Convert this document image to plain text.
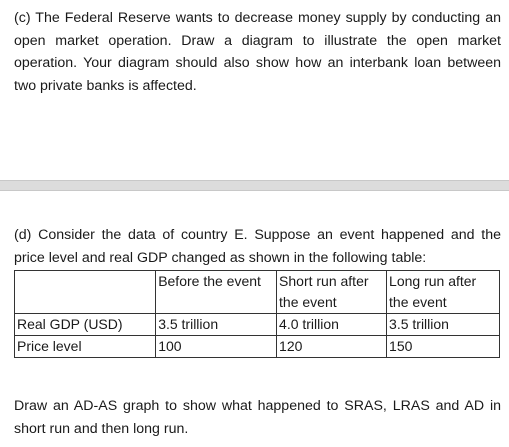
(c) The Federal Reserve wants to decrease money supply by conducting an open market operation. Draw a diagram to illustrate the open market operation. Your diagram should also show how an interbank loan between two private banks is affected.
(d) Consider the data of country E. Suppose an event happened and the price level and real GDP changed as shown in the following table:
	Before the event	Short run after the event	Long run after the event
Real GDP (USD)	3.5 trillion	4.0 trillion	3.5 trillion
Price level	100	120	150
Draw an AD-AS graph to show what happened to SRAS, LRAS and AD in short run and then long run.
